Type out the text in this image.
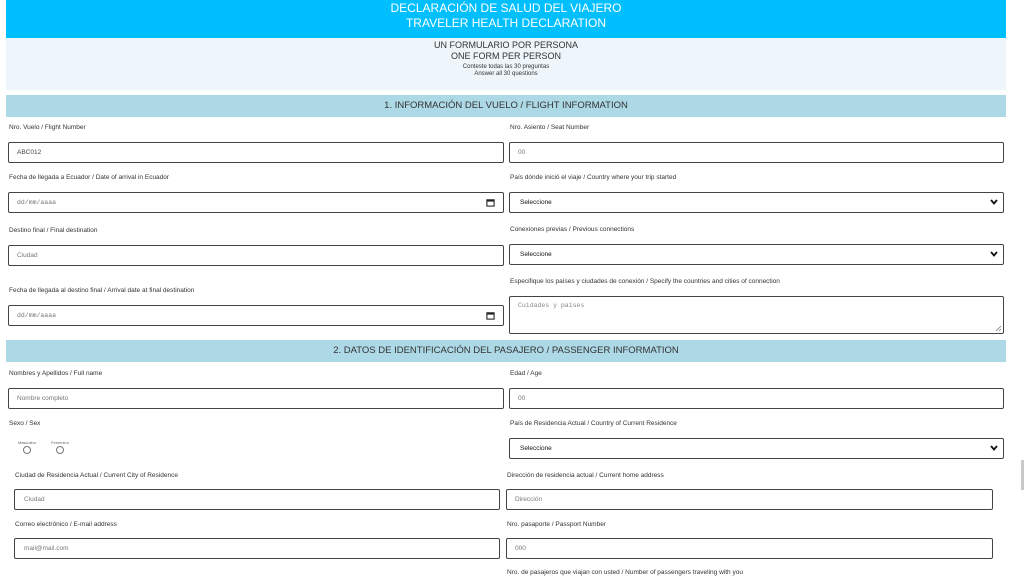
DECLARACIÓN DE SALUD DEL VIAJERO
TRAVELER HEALTH DECLARATION
UN FORMULARIO POR PERSONA
ONE FORM PER PERSON
Conteste todas las 30 preguntas
Answer all 30 questions
1. INFORMACIÓN DEL VUELO / FLIGHT INFORMATION
Nro. Vuelo / Flight Number
ABC012
Nro. Asiento / Seat Number
00
Fecha de llegada a Ecuador / Date of arrival in Ecuador
dd/mm/aaaa
País dónde inició el viaje / Country where your trip started
Seleccione
Destino final / Final destination
Ciudad
Conexiones previas / Previous connections
Seleccione
Especifique los países y ciudades de conexión / Specify the countries and cities of connection
Cuidades y países
Fecha de llegada al destino final / Arrival date at final destination
dd/mm/aaaa
2. DATOS DE IDENTIFICACIÓN DEL PASAJERO / PASSENGER INFORMATION
Nombres y Apellidos / Full name
Nombre completo
Edad / Age
00
Sexo / Sex
Masculino	Femenino
País de Residencia Actual / Country of Current Residence
Seleccione
Ciudad de Residencia Actual / Current City of Residence
Ciudad
Dirección de residencia actual / Current home address
Dirección
Correo electrónico / E-mail address
mail@mail.com
Nro. pasaporte / Passport Number
000
Nro. de pasajeros que viajan con usted / Number of passengers traveling with you
